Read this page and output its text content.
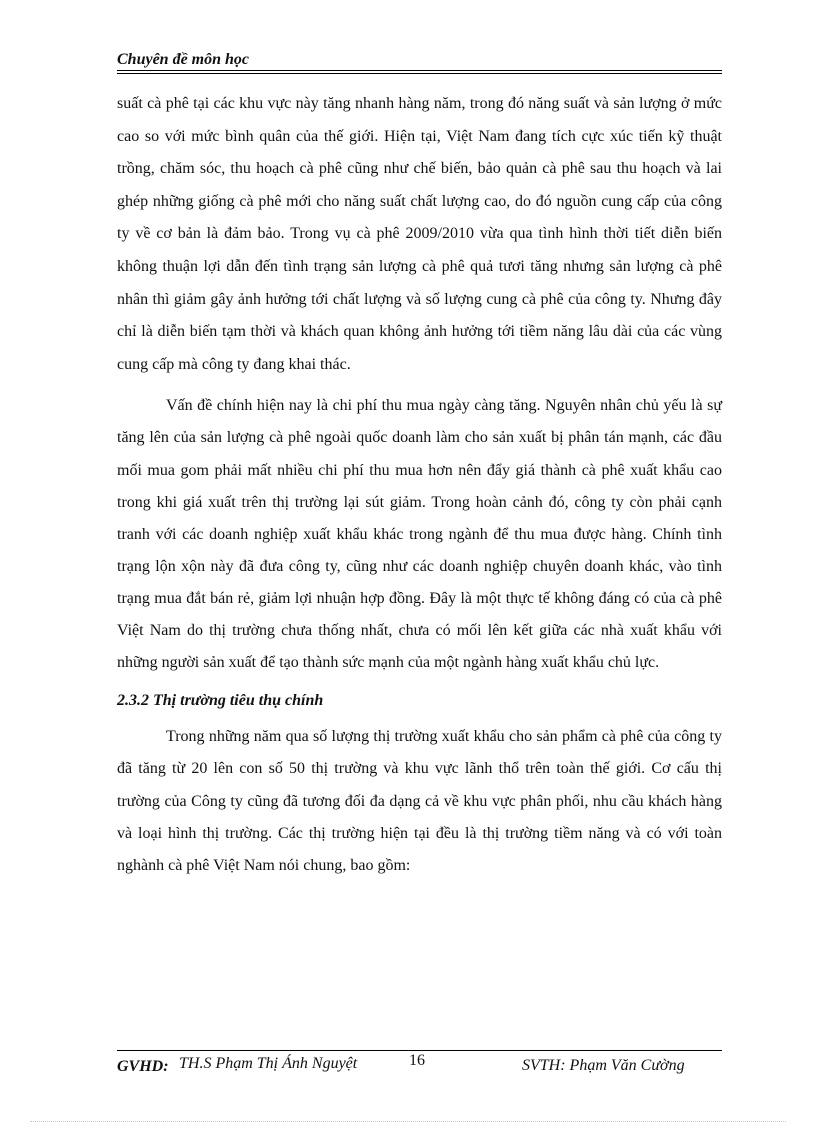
Chuyên đề môn học

suất cà phê tại các khu vực này tăng nhanh hàng năm, trong đó năng suất và sản lượng ở mức cao so với mức bình quân của thế giới. Hiện tại, Việt Nam đang tích cực xúc tiến kỹ thuật trồng, chăm sóc, thu hoạch cà phê cũng như chế biến, bảo quản cà phê sau thu hoạch và lai ghép những giống cà phê mới cho năng suất chất lượng cao, do đó nguồn cung cấp của công ty về cơ bản là đảm bảo. Trong vụ cà phê 2009/2010 vừa qua tình hình thời tiết diễn biến không thuận lợi dẫn đến tình trạng sản lượng cà phê quả tươi tăng nhưng sản lượng cà phê nhân thì giảm gây ảnh hưởng tới chất lượng và số lượng cung cà phê của công ty. Nhưng đây chỉ là diễn biến tạm thời và khách quan không ảnh hưởng tới tiềm năng lâu dài của các vùng cung cấp mà công ty đang khai thác.

Vấn đề chính hiện nay là chi phí thu mua ngày càng tăng. Nguyên nhân chủ yếu là sự tăng lên của sản lượng cà phê ngoài quốc doanh làm cho sản xuất bị phân tán mạnh, các đầu mối mua gom phải mất nhiều chi phí thu mua hơn nên đẩy giá thành cà phê xuất khẩu cao trong khi giá xuất trên thị trường lại sút giảm. Trong hoàn cảnh đó, công ty còn phải cạnh tranh với các doanh nghiệp xuất khẩu khác trong ngành để thu mua được hàng. Chính tình trạng lộn xộn này đã đưa công ty, cũng như các doanh nghiệp chuyên doanh khác, vào tình trạng mua đắt bán rẻ, giảm lợi nhuận hợp đồng. Đây là một thực tế không đáng có của cà phê Việt Nam do thị trường chưa thống nhất, chưa có mối lên kết giữa các nhà xuất khẩu với những người sản xuất để tạo thành sức mạnh của một ngành hàng xuất khẩu chủ lực.

2.3.2 Thị trường tiêu thụ chính

Trong những năm qua số lượng thị trường xuất khẩu cho sản phẩm cà phê của công ty đã tăng từ 20 lên con số 50 thị trường và khu vực lãnh thổ trên toàn thế giới. Cơ cấu thị trường của Công ty cũng đã tương đối đa dạng cả về khu vực phân phối, nhu cầu khách hàng và loại hình thị trường. Các thị trường hiện tại đều là thị trường tiềm năng và có với toàn nghành cà phê Việt Nam nói chung, bao gồm:

GVHD: TH.S Phạm Thị Ánh Nguyệt	16	SVTH: Phạm Văn Cường
